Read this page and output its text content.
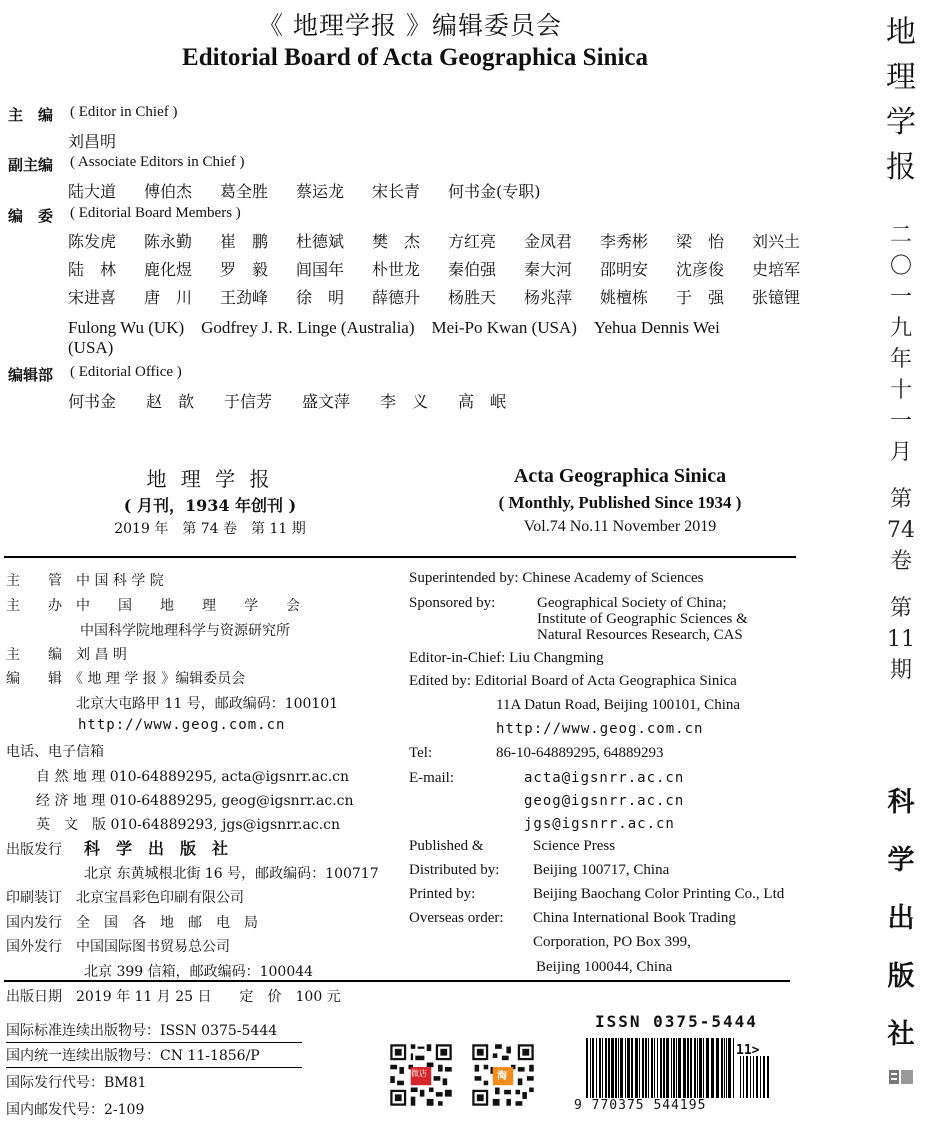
《 地理学报 》编辑委员会
Editorial Board of Acta Geographica Sinica
主　编 ( Editor in Chief )
刘昌明
副主编 ( Associate Editors in Chief )
陆大道	傅伯杰	葛全胜	蔡运龙	宋长青	何书金(专职)
编　委 ( Editorial Board Members )
陈发虎	陈永勤	崔　鹏	杜德斌	樊　杰	方红亮	金凤君	李秀彬	梁　怡	刘兴土
陆　林	鹿化煜	罗　毅	闾国年	朴世龙	秦伯强	秦大河	邵明安	沈彦俊	史培军
宋进喜	唐　川	王劲峰	徐　明	薛德升	杨胜天	杨兆萍	姚檀栋	于　强	张镱锂
Fulong Wu (UK)　Godfrey J. R. Linge (Australia)　Mei-Po Kwan (USA)　Yehua Dennis Wei
(USA)
编辑部 ( Editorial Office )
何书金	赵　歆	于信芳	盛文萍	李　义	高　岷
地 理 学 报
( 月刊，1934 年创刊 )
2019 年　第 74 卷　第 11 期
Acta Geographica Sinica
( Monthly, Published Since 1934 )
Vol.74 No.11 November 2019
主　　管　中 国 科 学 院
主　　办　中　　国　　地　　理　　学　　会
中国科学院地理科学与资源研究所
主　　编　刘 昌 明
编　　辑　《 地 理 学 报 》编辑委员会
北京大屯路甲 11 号，邮政编码：100101
http://www.geog.com.cn
电话、电子信箱
自 然 地 理 010-64889295, acta@igsnrr.ac.cn
经 济 地 理 010-64889295, geog@igsnrr.ac.cn
英　文　版 010-64889293, jgs@igsnrr.ac.cn
出版发行 科　学　出　版　社
北京 东黄城根北街 16 号，邮政编码：100717
印刷装订　北京宝昌彩色印刷有限公司
国内发行　全　国　各　地　邮　电　局
国外发行　中国国际图书贸易总公司
北京 399 信箱，邮政编码：100044
Superintended by: Chinese Academy of Sciences
Sponsored by:	Geographical Society of China;
Institute of Geographic Sciences &
Natural Resources Research, CAS
Editor-in-Chief: Liu Changming
Edited by: Editorial Board of Acta Geographica Sinica
11A Datun Road, Beijing 100101, China
http://www.geog.com.cn
Tel:	86-10-64889295, 64889293
E-mail:	acta@igsnrr.ac.cn
geog@igsnrr.ac.cn
jgs@igsnrr.ac.cn
Published &	Science Press
Distributed by: Beijing 100717, China
Printed by:	Beijing Baochang Color Printing Co., Ltd
Overseas order: China International Book Trading
Corporation, PO Box 399,
Beijing 100044, China
出版日期　2019 年 11 月 25 日　　定　价　100 元
国际标准连续出版物号：ISSN 0375-5444
国内统一连续出版物号：CN 11-1856/P
国际发行代号：BM81
国内邮发代号：2-109
微店	淘
ISSN 0375-5444
9 770375 544195
11>
地
理
学
报
二
〇
一
九
年
十
一
月
第
74
卷
第
11
期
科
学
出
版
社
